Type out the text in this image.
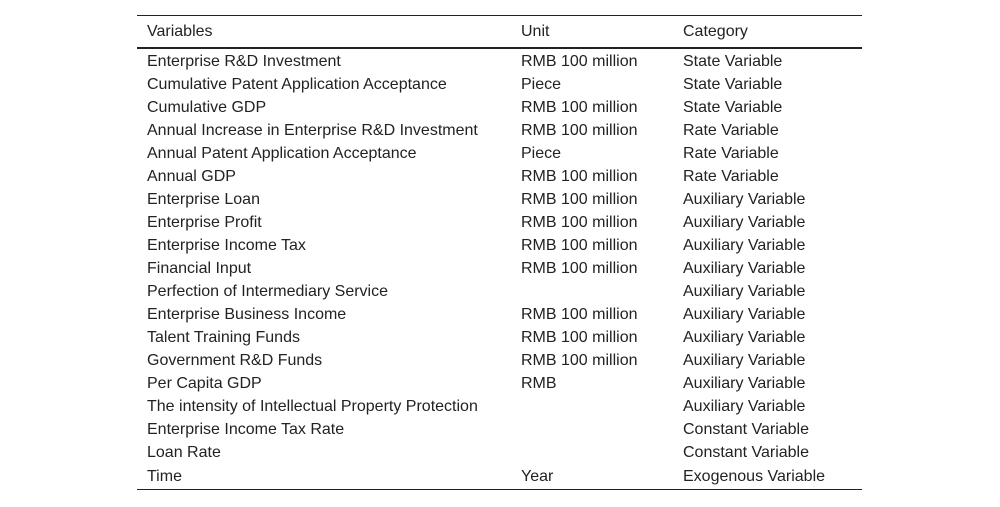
Variables	Unit	Category
Enterprise R&D Investment	RMB 100 million	State Variable
Cumulative Patent Application Acceptance	Piece	State Variable
Cumulative GDP	RMB 100 million	State Variable
Annual Increase in Enterprise R&D Investment	RMB 100 million	Rate Variable
Annual Patent Application Acceptance	Piece	Rate Variable
Annual GDP	RMB 100 million	Rate Variable
Enterprise Loan	RMB 100 million	Auxiliary Variable
Enterprise Profit	RMB 100 million	Auxiliary Variable
Enterprise Income Tax	RMB 100 million	Auxiliary Variable
Financial Input	RMB 100 million	Auxiliary Variable
Perfection of Intermediary Service		Auxiliary Variable
Enterprise Business Income	RMB 100 million	Auxiliary Variable
Talent Training Funds	RMB 100 million	Auxiliary Variable
Government R&D Funds	RMB 100 million	Auxiliary Variable
Per Capita GDP	RMB	Auxiliary Variable
The intensity of Intellectual Property Protection		Auxiliary Variable
Enterprise Income Tax Rate		Constant Variable
Loan Rate		Constant Variable
Time	Year	Exogenous Variable
